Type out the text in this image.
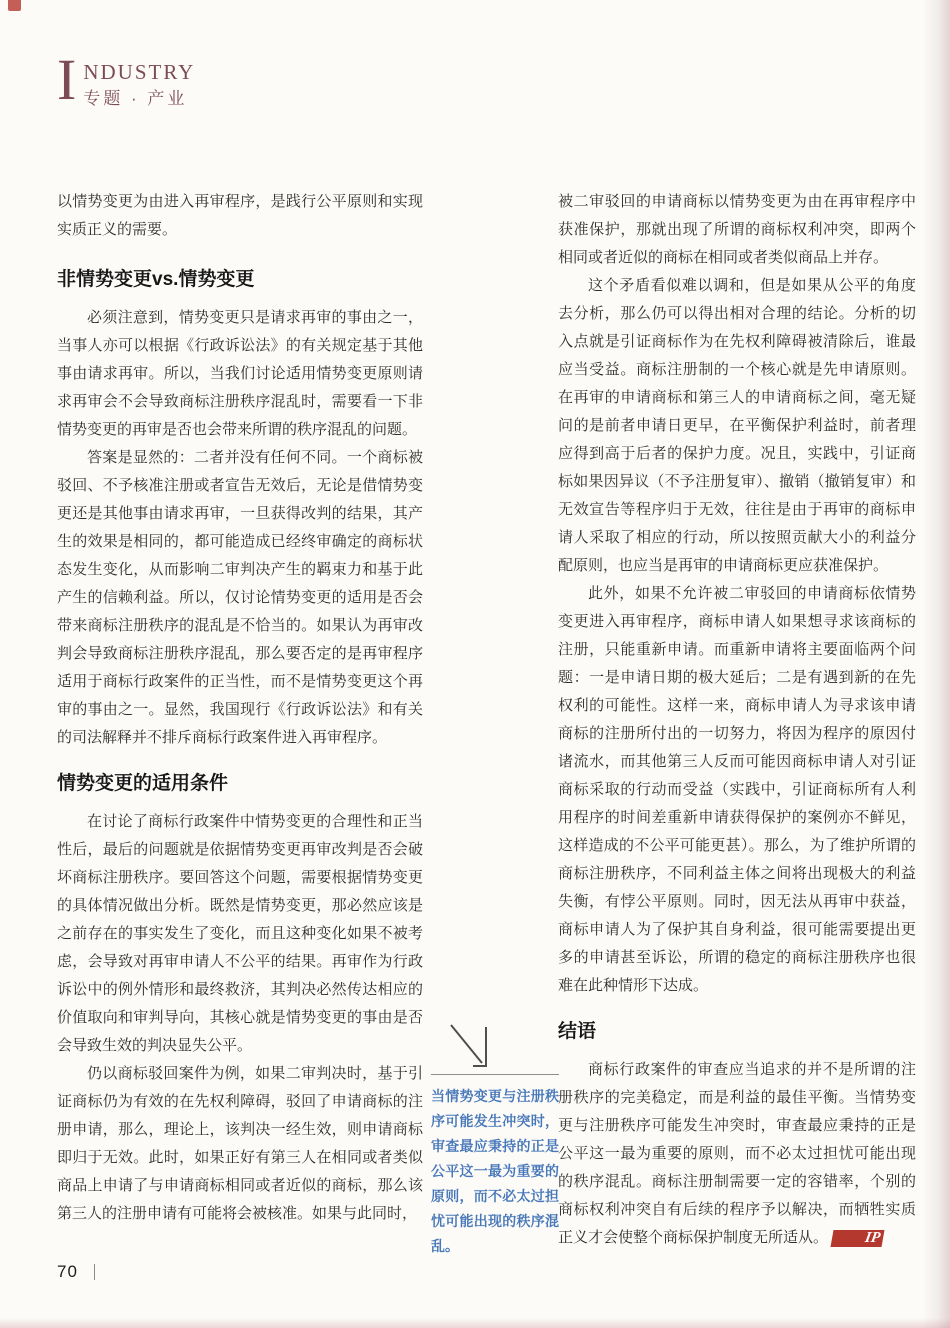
I NDUSTRY
专题 · 产业

以情势变更为由进入再审程序，是践行公平原则和实现实质正义的需要。

非情势变更vs.情势变更

必须注意到，情势变更只是请求再审的事由之一，当事人亦可以根据《行政诉讼法》的有关规定基于其他事由请求再审。所以，当我们讨论适用情势变更原则请求再审会不会导致商标注册秩序混乱时，需要看一下非情势变更的再审是否也会带来所谓的秩序混乱的问题。

答案是显然的：二者并没有任何不同。一个商标被驳回、不予核准注册或者宣告无效后，无论是借情势变更还是其他事由请求再审，一旦获得改判的结果，其产生的效果是相同的，都可能造成已经终审确定的商标状态发生变化，从而影响二审判决产生的羁束力和基于此产生的信赖利益。所以，仅讨论情势变更的适用是否会带来商标注册秩序的混乱是不恰当的。如果认为再审改判会导致商标注册秩序混乱，那么要否定的是再审程序适用于商标行政案件的正当性，而不是情势变更这个再审的事由之一。显然，我国现行《行政诉讼法》和有关的司法解释并不排斥商标行政案件进入再审程序。

情势变更的适用条件

在讨论了商标行政案件中情势变更的合理性和正当性后，最后的问题就是依据情势变更再审改判是否会破坏商标注册秩序。要回答这个问题，需要根据情势变更的具体情况做出分析。既然是情势变更，那必然应该是之前存在的事实发生了变化，而且这种变化如果不被考虑，会导致对再审申请人不公平的结果。再审作为行政诉讼中的例外情形和最终救济，其判决必然传达相应的价值取向和审判导向，其核心就是情势变更的事由是否会导致生效的判决显失公平。

仍以商标驳回案件为例，如果二审判决时，基于引证商标仍为有效的在先权利障碍，驳回了申请商标的注册申请，那么，理论上，该判决一经生效，则申请商标即归于无效。此时，如果正好有第三人在相同或者类似商品上申请了与申请商标相同或者近似的商标，那么该第三人的注册申请有可能将会被核准。如果与此同时，

当情势变更与注册秩序可能发生冲突时，审查最应秉持的正是公平这一最为重要的原则，而不必太过担忧可能出现的秩序混乱。

被二审驳回的申请商标以情势变更为由在再审程序中获准保护，那就出现了所谓的商标权利冲突，即两个相同或者近似的商标在相同或者类似商品上并存。

这个矛盾看似难以调和，但是如果从公平的角度去分析，那么仍可以得出相对合理的结论。分析的切入点就是引证商标作为在先权利障碍被清除后，谁最应当受益。商标注册制的一个核心就是先申请原则。在再审的申请商标和第三人的申请商标之间，毫无疑问的是前者申请日更早，在平衡保护利益时，前者理应得到高于后者的保护力度。况且，实践中，引证商标如果因异议（不予注册复审）、撤销（撤销复审）和无效宣告等程序归于无效，往往是由于再审的商标申请人采取了相应的行动，所以按照贡献大小的利益分配原则，也应当是再审的申请商标更应获准保护。

此外，如果不允许被二审驳回的申请商标依情势变更进入再审程序，商标申请人如果想寻求该商标的注册，只能重新申请。而重新申请将主要面临两个问题：一是申请日期的极大延后；二是有遇到新的在先权利的可能性。这样一来，商标申请人为寻求该申请商标的注册所付出的一切努力，将因为程序的原因付诸流水，而其他第三人反而可能因商标申请人对引证商标采取的行动而受益（实践中，引证商标所有人利用程序的时间差重新申请获得保护的案例亦不鲜见，这样造成的不公平可能更甚）。那么，为了维护所谓的商标注册秩序，不同利益主体之间将出现极大的利益失衡，有悖公平原则。同时，因无法从再审中获益，商标申请人为了保护其自身利益，很可能需要提出更多的申请甚至诉讼，所谓的稳定的商标注册秩序也很难在此种情形下达成。

结语

商标行政案件的审查应当追求的并不是所谓的注册秩序的完美稳定，而是利益的最佳平衡。当情势变更与注册秩序可能发生冲突时，审查最应秉持的正是公平这一最为重要的原则，而不必太过担忧可能出现的秩序混乱。商标注册制需要一定的容错率，个别的商标权利冲突自有后续的程序予以解决，而牺牲实质正义才会使整个商标保护制度无所适从。 IP

70
